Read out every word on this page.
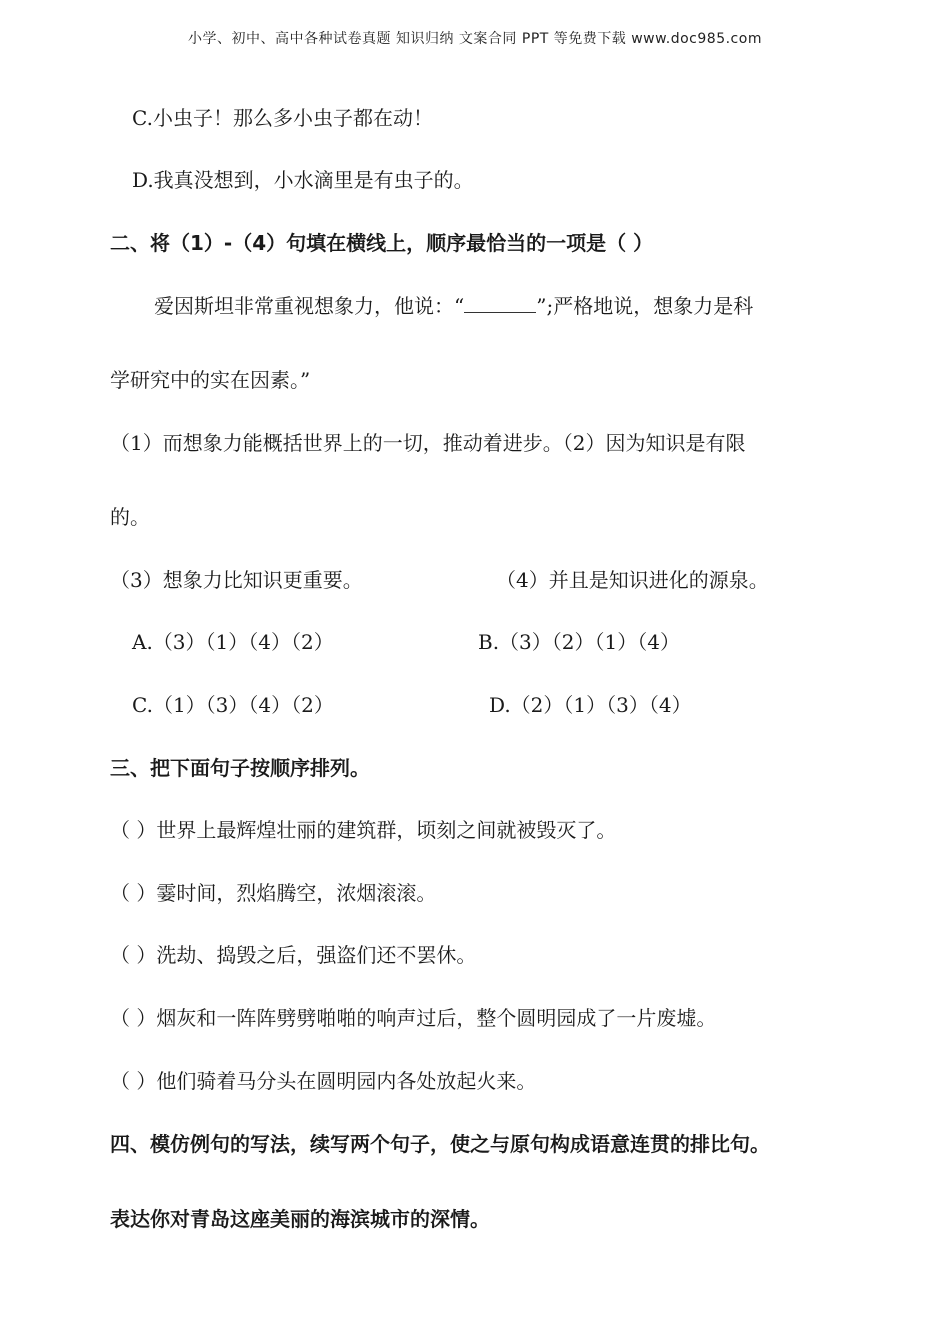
小学、初中、高中各种试卷真题 知识归纳 文案合同 PPT 等免费下载 www.doc985.com
C.小虫子！那么多小虫子都在动！
D.我真没想到，小水滴里是有虫子的。
二、将（1）-（4）句填在横线上，顺序最恰当的一项是（ ）
爱因斯坦非常重视想象力，他说：“	”;严格地说，想象力是科
学研究中的实在因素。”
（1）而想象力能概括世界上的一切，推动着进步。（2）因为知识是有限
的。
（3）想象力比知识更重要。	（4）并且是知识进化的源泉。
A.（3）（1）（4）（2）	B.（3）（2）（1）（4）
C.（1）（3）（4）（2）	D.（2）（1）（3）（4）
三、把下面句子按顺序排列。
（ ）世界上最辉煌壮丽的建筑群，顷刻之间就被毁灭了。
（ ）霎时间，烈焰腾空，浓烟滚滚。
（ ）洗劫、捣毁之后，强盗们还不罢休。
（ ）烟灰和一阵阵劈劈啪啪的响声过后，整个圆明园成了一片废墟。
（ ）他们骑着马分头在圆明园内各处放起火来。
四、模仿例句的写法，续写两个句子，使之与原句构成语意连贯的排比句。
表达你对青岛这座美丽的海滨城市的深情。
